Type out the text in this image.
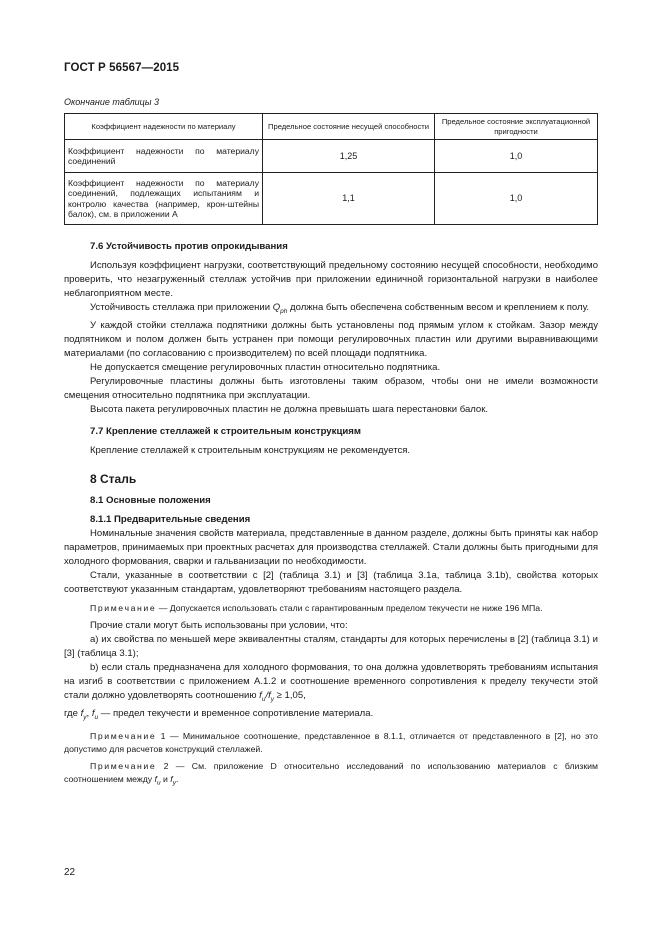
ГОСТ Р 56567—2015
Окончание таблицы 3
Коэффициент надежности по материалу	Предельное состояние несущей способности	Предельное состояние эксплуатационной пригодности
Коэффициент надежности по материалу соединений	1,25	1,0
Коэффициент надежности по материалу соединений, подлежащих испытаниям и контролю качества (например, крон-штейны балок), см. в приложении А	1,1	1,0
7.6 Устойчивость против опрокидывания

Используя коэффициент нагрузки, соответствующий предельному состоянию несущей способности, необходимо проверить, что незагруженный стеллаж устойчив при приложении единичной горизонтальной нагрузки в наиболее неблагоприятном месте.

Устойчивость стеллажа при приложении $Q_{ph}$ должна быть обеспечена собственным весом и креплением к полу.

У каждой стойки стеллажа подпятники должны быть установлены под прямым углом к стойкам. Зазор между подпятником и полом должен быть устранен при помощи регулировочных пластин или другими выравнивающими материалами (по согласованию с производителем) по всей площади подпятника.

Не допускается смещение регулировочных пластин относительно подпятника.

Регулировочные пластины должны быть изготовлены таким образом, чтобы они не имели возможности смещения относительно подпятника при эксплуатации.

Высота пакета регулировочных пластин не должна превышать шага перестановки балок.

7.7 Крепление стеллажей к строительным конструкциям

Крепление стеллажей к строительным конструкциям не рекомендуется.

8 Сталь
8.1 Основные положения
8.1.1 Предварительные сведения

Номинальные значения свойств материала, представленные в данном разделе, должны быть приняты как набор параметров, принимаемых при проектных расчетах для производства стеллажей. Стали должны быть пригодными для холодного формования, сварки и гальванизации по необходимости.

Стали, указанные в соответствии с [2] (таблица 3.1) и [3] (таблица 3.1a, таблица 3.1b), свойства которых соответствуют указанным стандартам, удовлетворяют требованиям настоящего раздела.

Примечание — Допускается использовать стали с гарантированным пределом текучести не ниже 196 МПа.

Прочие стали могут быть использованы при условии, что:

a) их свойства по меньшей мере эквивалентны сталям, стандарты для которых перечислены в [2] (таблица 3.1) и [3] (таблица 3.1);

b) если сталь предназначена для холодного формования, то она должна удовлетворять требованиям испытания на изгиб в соответствии с приложением А.1.2 и соотношение временного сопротивления к пределу текучести этой стали должно удовлетворять соотношению $f_u/f_y \ge 1,05$,

где $f_y$, $f_u$ — предел текучести и временное сопротивление материала.

Примечание 1 — Минимальное соотношение, представленное в 8.1.1, отличается от представленного в [2], но это допустимо для расчетов конструкций стеллажей.

Примечание 2 — См. приложение D относительно исследований по использованию материалов с близким соотношением между $f_u$ и $f_y$.

22
